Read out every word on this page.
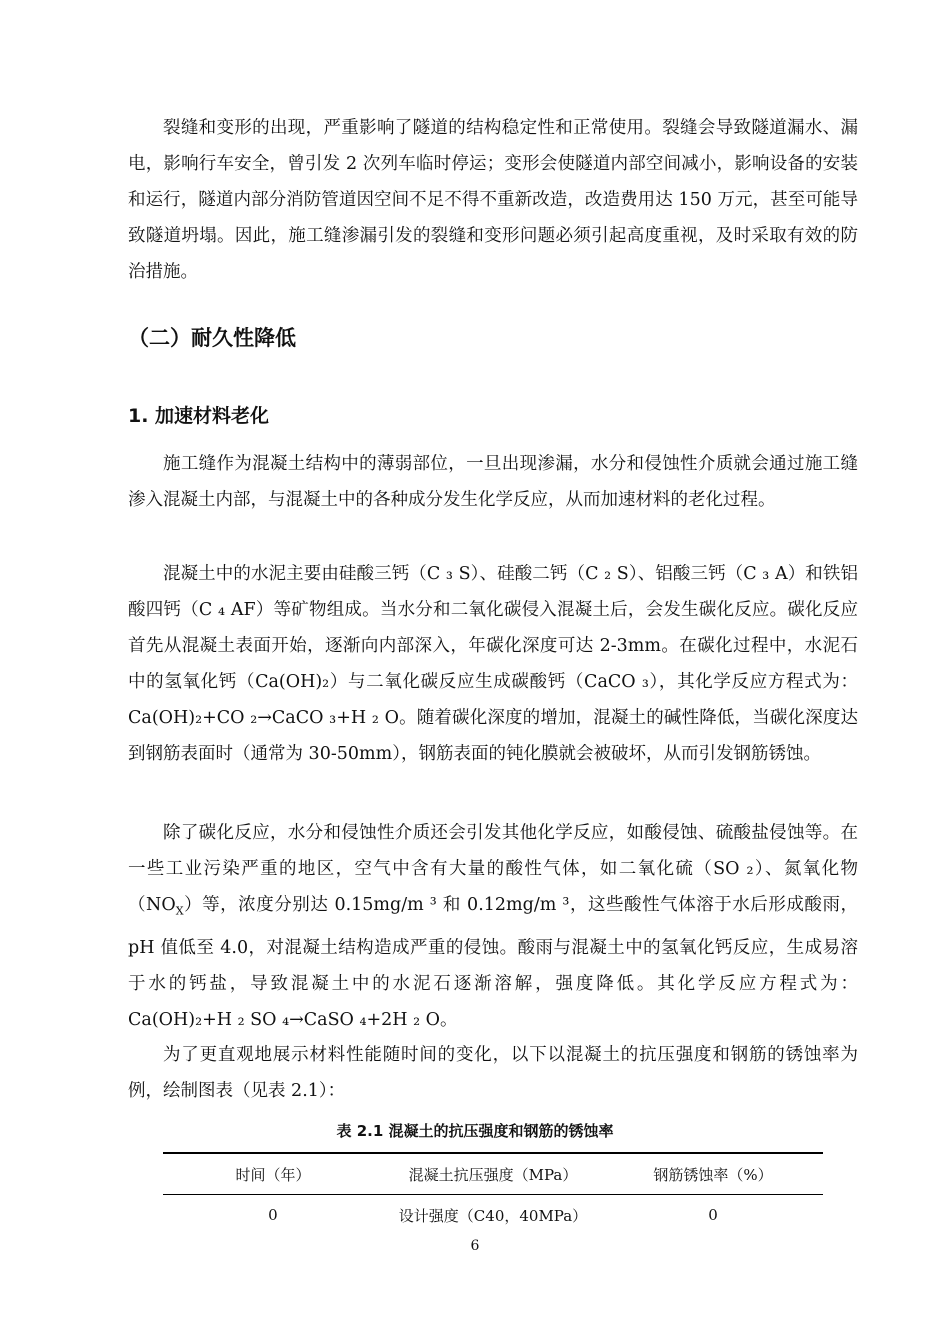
裂缝和变形的出现，严重影响了隧道的结构稳定性和正常使用。裂缝会导致隧道漏水、漏电，影响行车安全，曾引发 2 次列车临时停运；变形会使隧道内部空间减小，影响设备的安装和运行，隧道内部分消防管道因空间不足不得不重新改造，改造费用达 150 万元，甚至可能导致隧道坍塌。因此，施工缝渗漏引发的裂缝和变形问题必须引起高度重视，及时采取有效的防治措施。

（二）耐久性降低
1. 加速材料老化

施工缝作为混凝土结构中的薄弱部位，一旦出现渗漏，水分和侵蚀性介质就会通过施工缝渗入混凝土内部，与混凝土中的各种成分发生化学反应，从而加速材料的老化过程。

混凝土中的水泥主要由硅酸三钙（C ₃ S）、硅酸二钙（C ₂ S）、铝酸三钙（C ₃ A）和铁铝酸四钙（C ₄ AF）等矿物组成。当水分和二氧化碳侵入混凝土后，会发生碳化反应。碳化反应首先从混凝土表面开始，逐渐向内部深入，年碳化深度可达 2-3mm。在碳化过程中，水泥石中的氢氧化钙（Ca(OH)₂）与二氧化碳反应生成碳酸钙（CaCO ₃），其化学反应方程式为：Ca(OH)₂+CO ₂→CaCO ₃+H ₂ O。随着碳化深度的增加，混凝土的碱性降低，当碳化深度达到钢筋表面时（通常为 30-50mm），钢筋表面的钝化膜就会被破坏，从而引发钢筋锈蚀。

除了碳化反应，水分和侵蚀性介质还会引发其他化学反应，如酸侵蚀、硫酸盐侵蚀等。在一些工业污染严重的地区，空气中含有大量的酸性气体，如二氧化硫（SO ₂）、氮氧化物$(NO_X)$等，浓度分别达 0.15mg/m ³ 和 0.12mg/m ³，这些酸性气体溶于水后形成酸雨，pH 值低至 4.0，对混凝土结构造成严重的侵蚀。酸雨与混凝土中的氢氧化钙反应，生成易溶于水的钙盐，导致混凝土中的水泥石逐渐溶解，强度降低。其化学反应方程式为：Ca(OH)₂+H ₂ SO ₄→CaSO ₄+2H ₂ O。

为了更直观地展示材料性能随时间的变化，以下以混凝土的抗压强度和钢筋的锈蚀率为例，绘制图表（见表 2.1）：

表 2.1 混凝土的抗压强度和钢筋的锈蚀率

时间（年）	混凝土抗压强度（MPa）	钢筋锈蚀率（%）
0	设计强度（C40，40MPa）	0
6
